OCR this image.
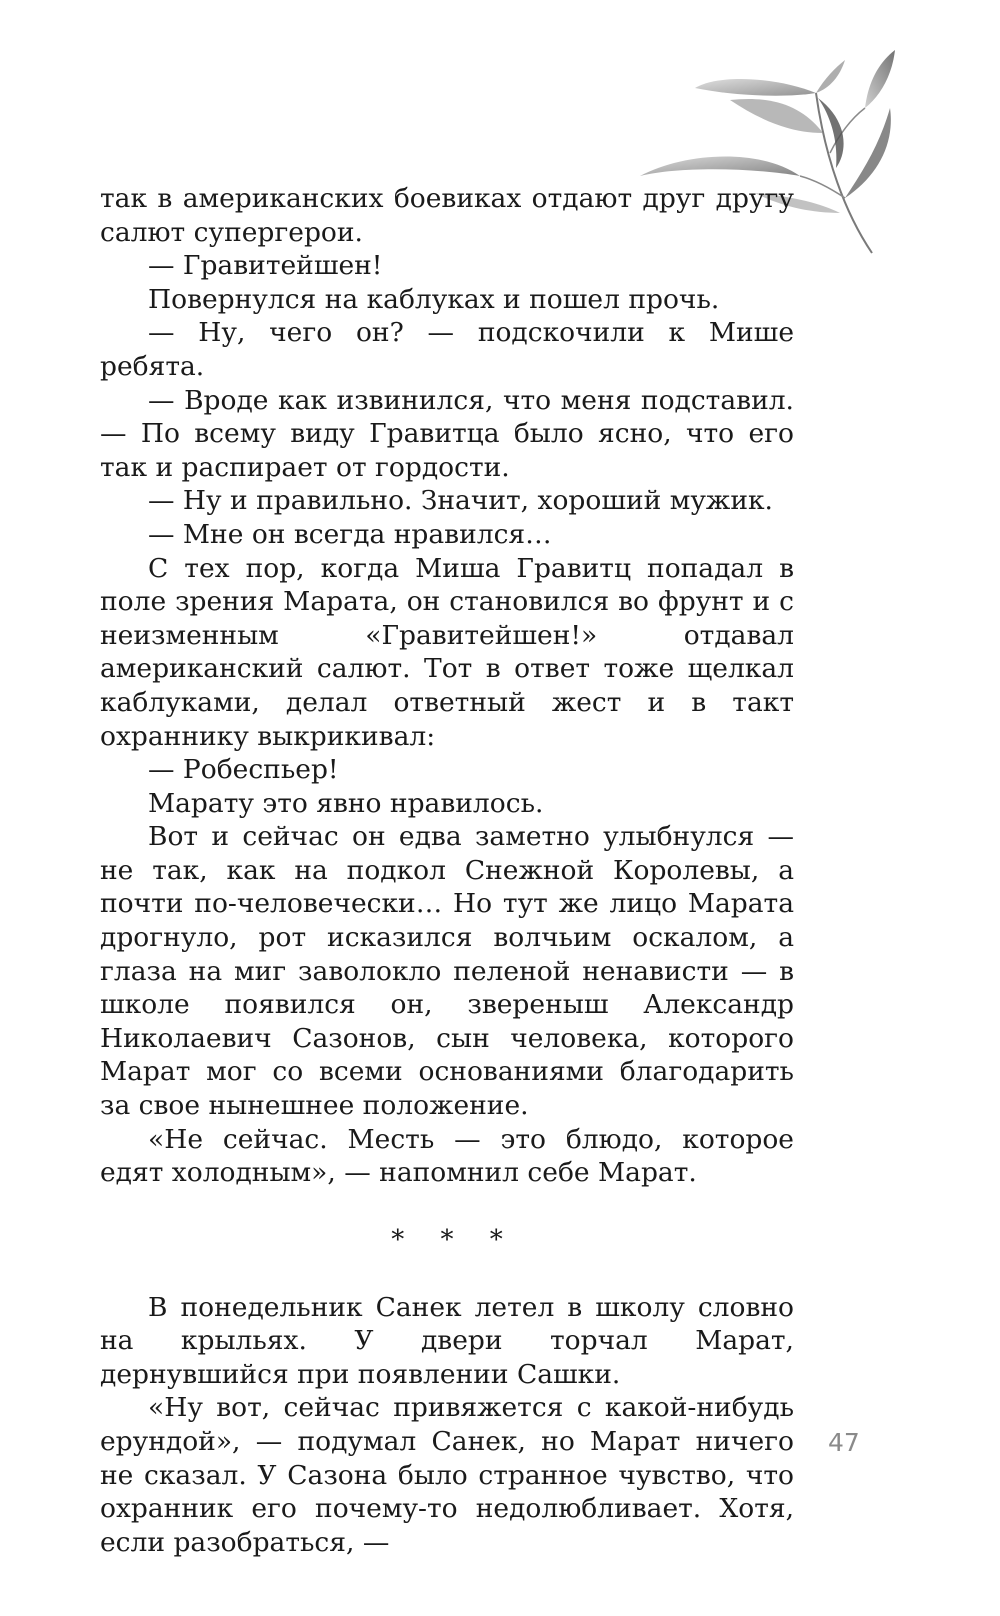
так в американских боевиках отдают друг другу салют супергерои.

— Гравитейшен!

Повернулся на каблуках и пошел прочь.

— Ну, чего он? — подскочили к Мише ребята.

— Вроде как извинился, что меня подставил. — По всему виду Гравитца было ясно, что его так и распирает от гордости.

— Ну и правильно. Значит, хороший мужик.

— Мне он всегда нравился…

С тех пор, когда Миша Гравитц попадал в поле зрения Марата, он становился во фрунт и с неизменным «Гравитейшен!» отдавал американский салют. Тот в ответ тоже щелкал каблуками, делал ответный жест и в такт охраннику выкрикивал:

— Робеспьер!

Марату это явно нравилось.

Вот и сейчас он едва заметно улыбнулся — не так, как на подкол Снежной Королевы, а почти по-человечески… Но тут же лицо Марата дрогнуло, рот исказился волчьим оскалом, а глаза на миг заволокло пеленой ненависти — в школе появился он, звереныш Александр Николаевич Сазонов, сын человека, которого Марат мог со всеми основаниями благодарить за свое нынешнее положение.

«Не сейчас. Месть — это блюдо, которое едят холодным», — напомнил себе Марат.

* * *

В понедельник Санек летел в школу словно на крыльях. У двери торчал Марат, дернувшийся при появлении Сашки.

«Ну вот, сейчас привяжется с какой-нибудь ерундой», — подумал Санек, но Марат ничего не сказал. У Сазона было странное чувство, что охранник его почему-то недолюбливает. Хотя, если разобраться, —

47
